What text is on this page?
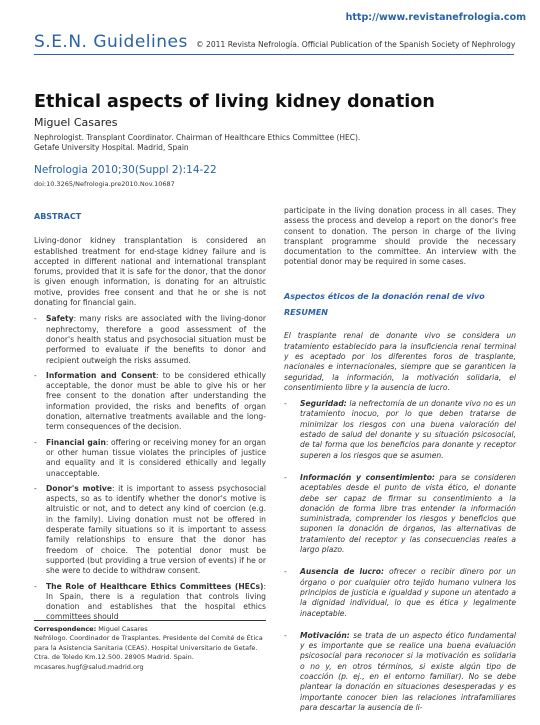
http://www.revistanefrologia.com
S.E.N. Guidelines © 2011 Revista Nefrología. Official Publication of the Spanish Society of Nephrology
Ethical aspects of living kidney donation
Miguel Casares
Nephrologist. Transplant Coordinator. Chairman of Healthcare Ethics Committee (HEC).
Getafe University Hospital. Madrid, Spain
Nefrologia 2010;30(Suppl 2):14-22
doi:10.3265/Nefrologia.pre2010.Nov.10687
ABSTRACT

Living-donor kidney transplantation is considered an established treatment for end-stage kidney failure and is accepted in different national and international transplant forums, provided that it is safe for the donor, that the donor is given enough information, is donating for an altruistic motive, provides free consent and that he or she is not donating for financial gain.

- Safety: many risks are associated with the living-donor nephrectomy, therefore a good assessment of the donor's health status and psychosocial situation must be performed to evaluate if the benefits to donor and recipient outweigh the risks assumed.
- Information and Consent: to be considered ethically acceptable, the donor must be able to give his or her free consent to the donation after understanding the information provided, the risks and benefits of organ donation, alternative treatments available and the long-term consequences of the decision.
- Financial gain: offering or receiving money for an organ or other human tissue violates the principles of justice and equality and it is considered ethically and legally unacceptable.
- Donor's motive: it is important to assess psychosocial aspects, so as to identify whether the donor's motive is altruistic or not, and to detect any kind of coercion (e.g. in the family). Living donation must not be offered in desperate family situations so it is important to assess family relationships to ensure that the donor has freedom of choice. The potential donor must be supported (but providing a true version of events) if he or she were to decide to withdraw consent.
- The Role of Healthcare Ethics Committees (HECs): In Spain, there is a regulation that controls living donation and establishes that the hospital ethics committees should

participate in the living donation process in all cases. They assess the process and develop a report on the donor's free consent to donation. The person in charge of the living transplant programme should provide the necessary documentation to the committee. An interview with the potential donor may be required in some cases.

Aspectos éticos de la donación renal de vivo
RESUMEN

El trasplante renal de donante vivo se considera un tratamiento establecido para la insuficiencia renal terminal y es aceptado por los diferentes foros de trasplante, nacionales e internacionales, siempre que se garanticen la seguridad, la información, la motivación solidaria, el consentimiento libre y la ausencia de lucro.

- Seguridad: la nefrectomía de un donante vivo no es un tratamiento inocuo, por lo que deben tratarse de minimizar los riesgos con una buena valoración del estado de salud del donante y su situación psicosocial, de tal forma que los beneficios para donante y receptor superen a los riesgos que se asumen.
- Información y consentimiento: para se consideren aceptables desde el punto de vista ético, el donante debe ser capaz de firmar su consentimiento a la donación de forma libre tras entender la información suministrada, comprender los riesgos y beneficios que suponen la donación de órganos, las alternativas de tratamiento del receptor y las consecuencias reales a largo plazo.
- Ausencia de lucro: ofrecer o recibir dinero por un órgano o por cualquier otro tejido humano vulnera los principios de justicia e igualdad y supone un atentado a la dignidad individual, lo que es ética y legalmente inaceptable.
- Motivación: se trata de un aspecto ético fundamental y es importante que se realice una buena evaluación psicosocial para reconocer si la motivación es solidaria o no y, en otros términos, si existe algún tipo de coacción (p. ej., en el entorno familiar). No se debe plantear la donación en situaciones desesperadas y es importante conocer bien las relaciones intrafamiliares para descartar la ausencia de li-
Correspondence: Miguel Casares
Nefrólogo. Coordinador de Trasplantes. Presidente del Comité de Ética
para la Asistencia Sanitaria (CEAS). Hospital Universitario de Getafe.
Ctra. de Toledo Km.12.500. 28905 Madrid. Spain.
mcasares.hugf@salud.madrid.org
